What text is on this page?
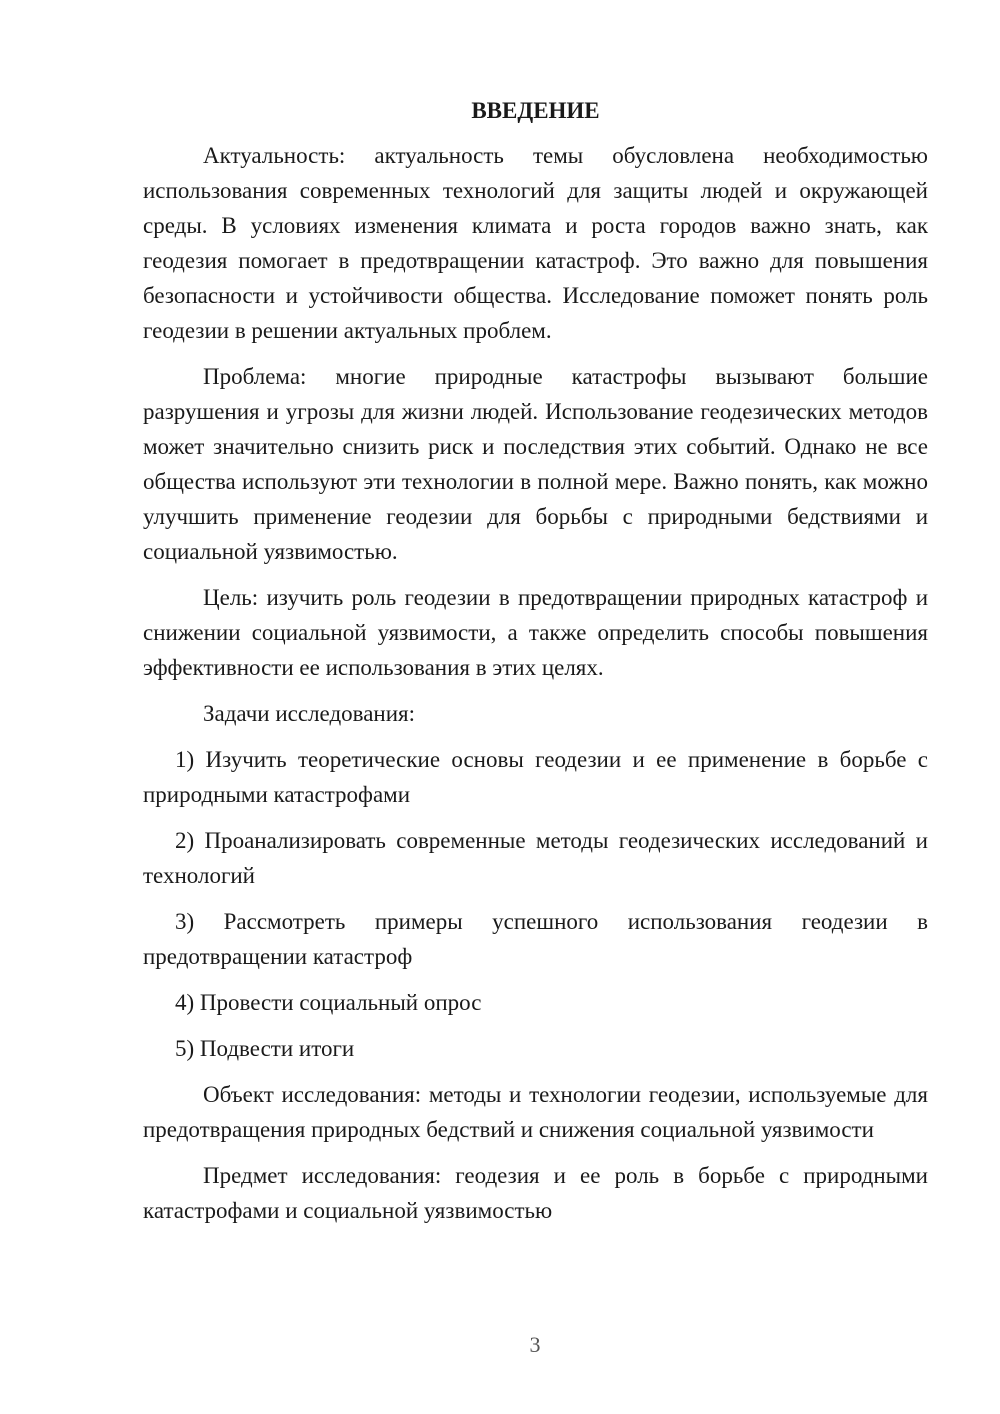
ВВЕДЕНИЕ

Актуальность: актуальность темы обусловлена необходимостью использования современных технологий для защиты людей и окружающей среды. В условиях изменения климата и роста городов важно знать, как геодезия помогает в предотвращении катастроф. Это важно для повышения безопасности и устойчивости общества. Исследование поможет понять роль геодезии в решении актуальных проблем.

Проблема: многие природные катастрофы вызывают большие разрушения и угрозы для жизни людей. Использование геодезических методов может значительно снизить риск и последствия этих событий. Однако не все общества используют эти технологии в полной мере. Важно понять, как можно улучшить применение геодезии для борьбы с природными бедствиями и социальной уязвимостью.

Цель: изучить роль геодезии в предотвращении природных катастроф и снижении социальной уязвимости, а также определить способы повышения эффективности ее использования в этих целях.

Задачи исследования:

1) Изучить теоретические основы геодезии и ее применение в борьбе с природными катастрофами

2) Проанализировать современные методы геодезических исследований и технологий

3) Рассмотреть примеры успешного использования геодезии в предотвращении катастроф

4) Провести социальный опрос

5) Подвести итоги

Объект исследования: методы и технологии геодезии, используемые для предотвращения природных бедствий и снижения социальной уязвимости

Предмет исследования: геодезия и ее роль в борьбе с природными катастрофами и социальной уязвимостью

3
